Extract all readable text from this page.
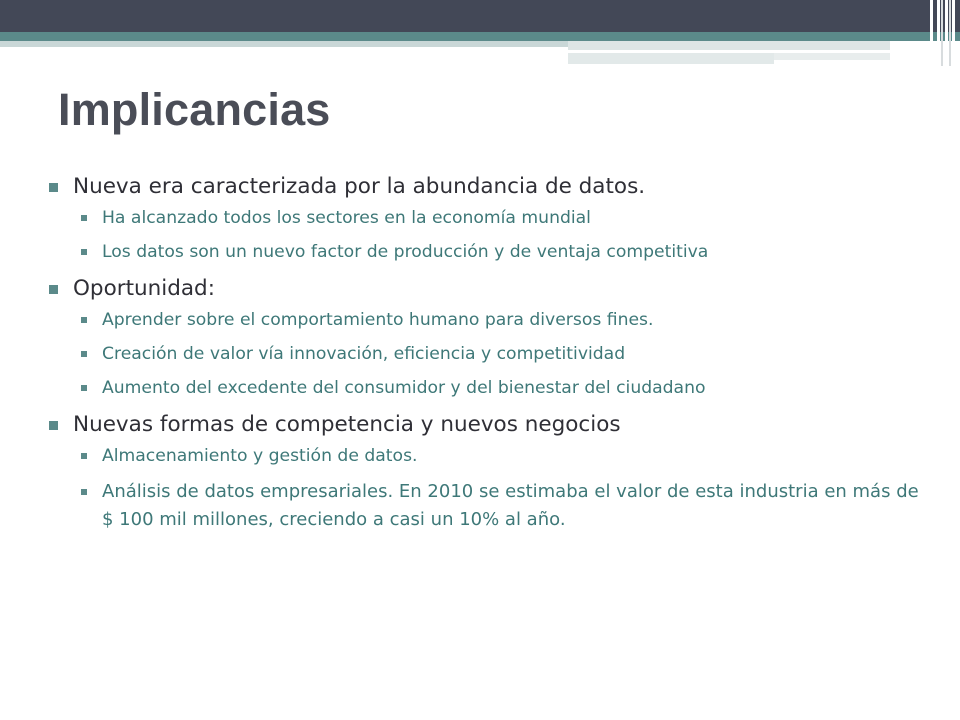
Implicancias
Nueva era caracterizada por la abundancia de datos.
Ha alcanzado todos los sectores en la economía mundial
Los datos son un nuevo factor de producción y de ventaja competitiva
Oportunidad:
Aprender sobre el comportamiento humano para diversos fines.
Creación de valor vía innovación, eficiencia y competitividad
Aumento del excedente del consumidor y del bienestar del ciudadano
Nuevas formas de competencia y nuevos negocios
Almacenamiento y gestión de datos.
Análisis de datos empresariales. En 2010 se estimaba el valor de esta industria en más de $ 100 mil millones, creciendo a casi un 10% al año.
